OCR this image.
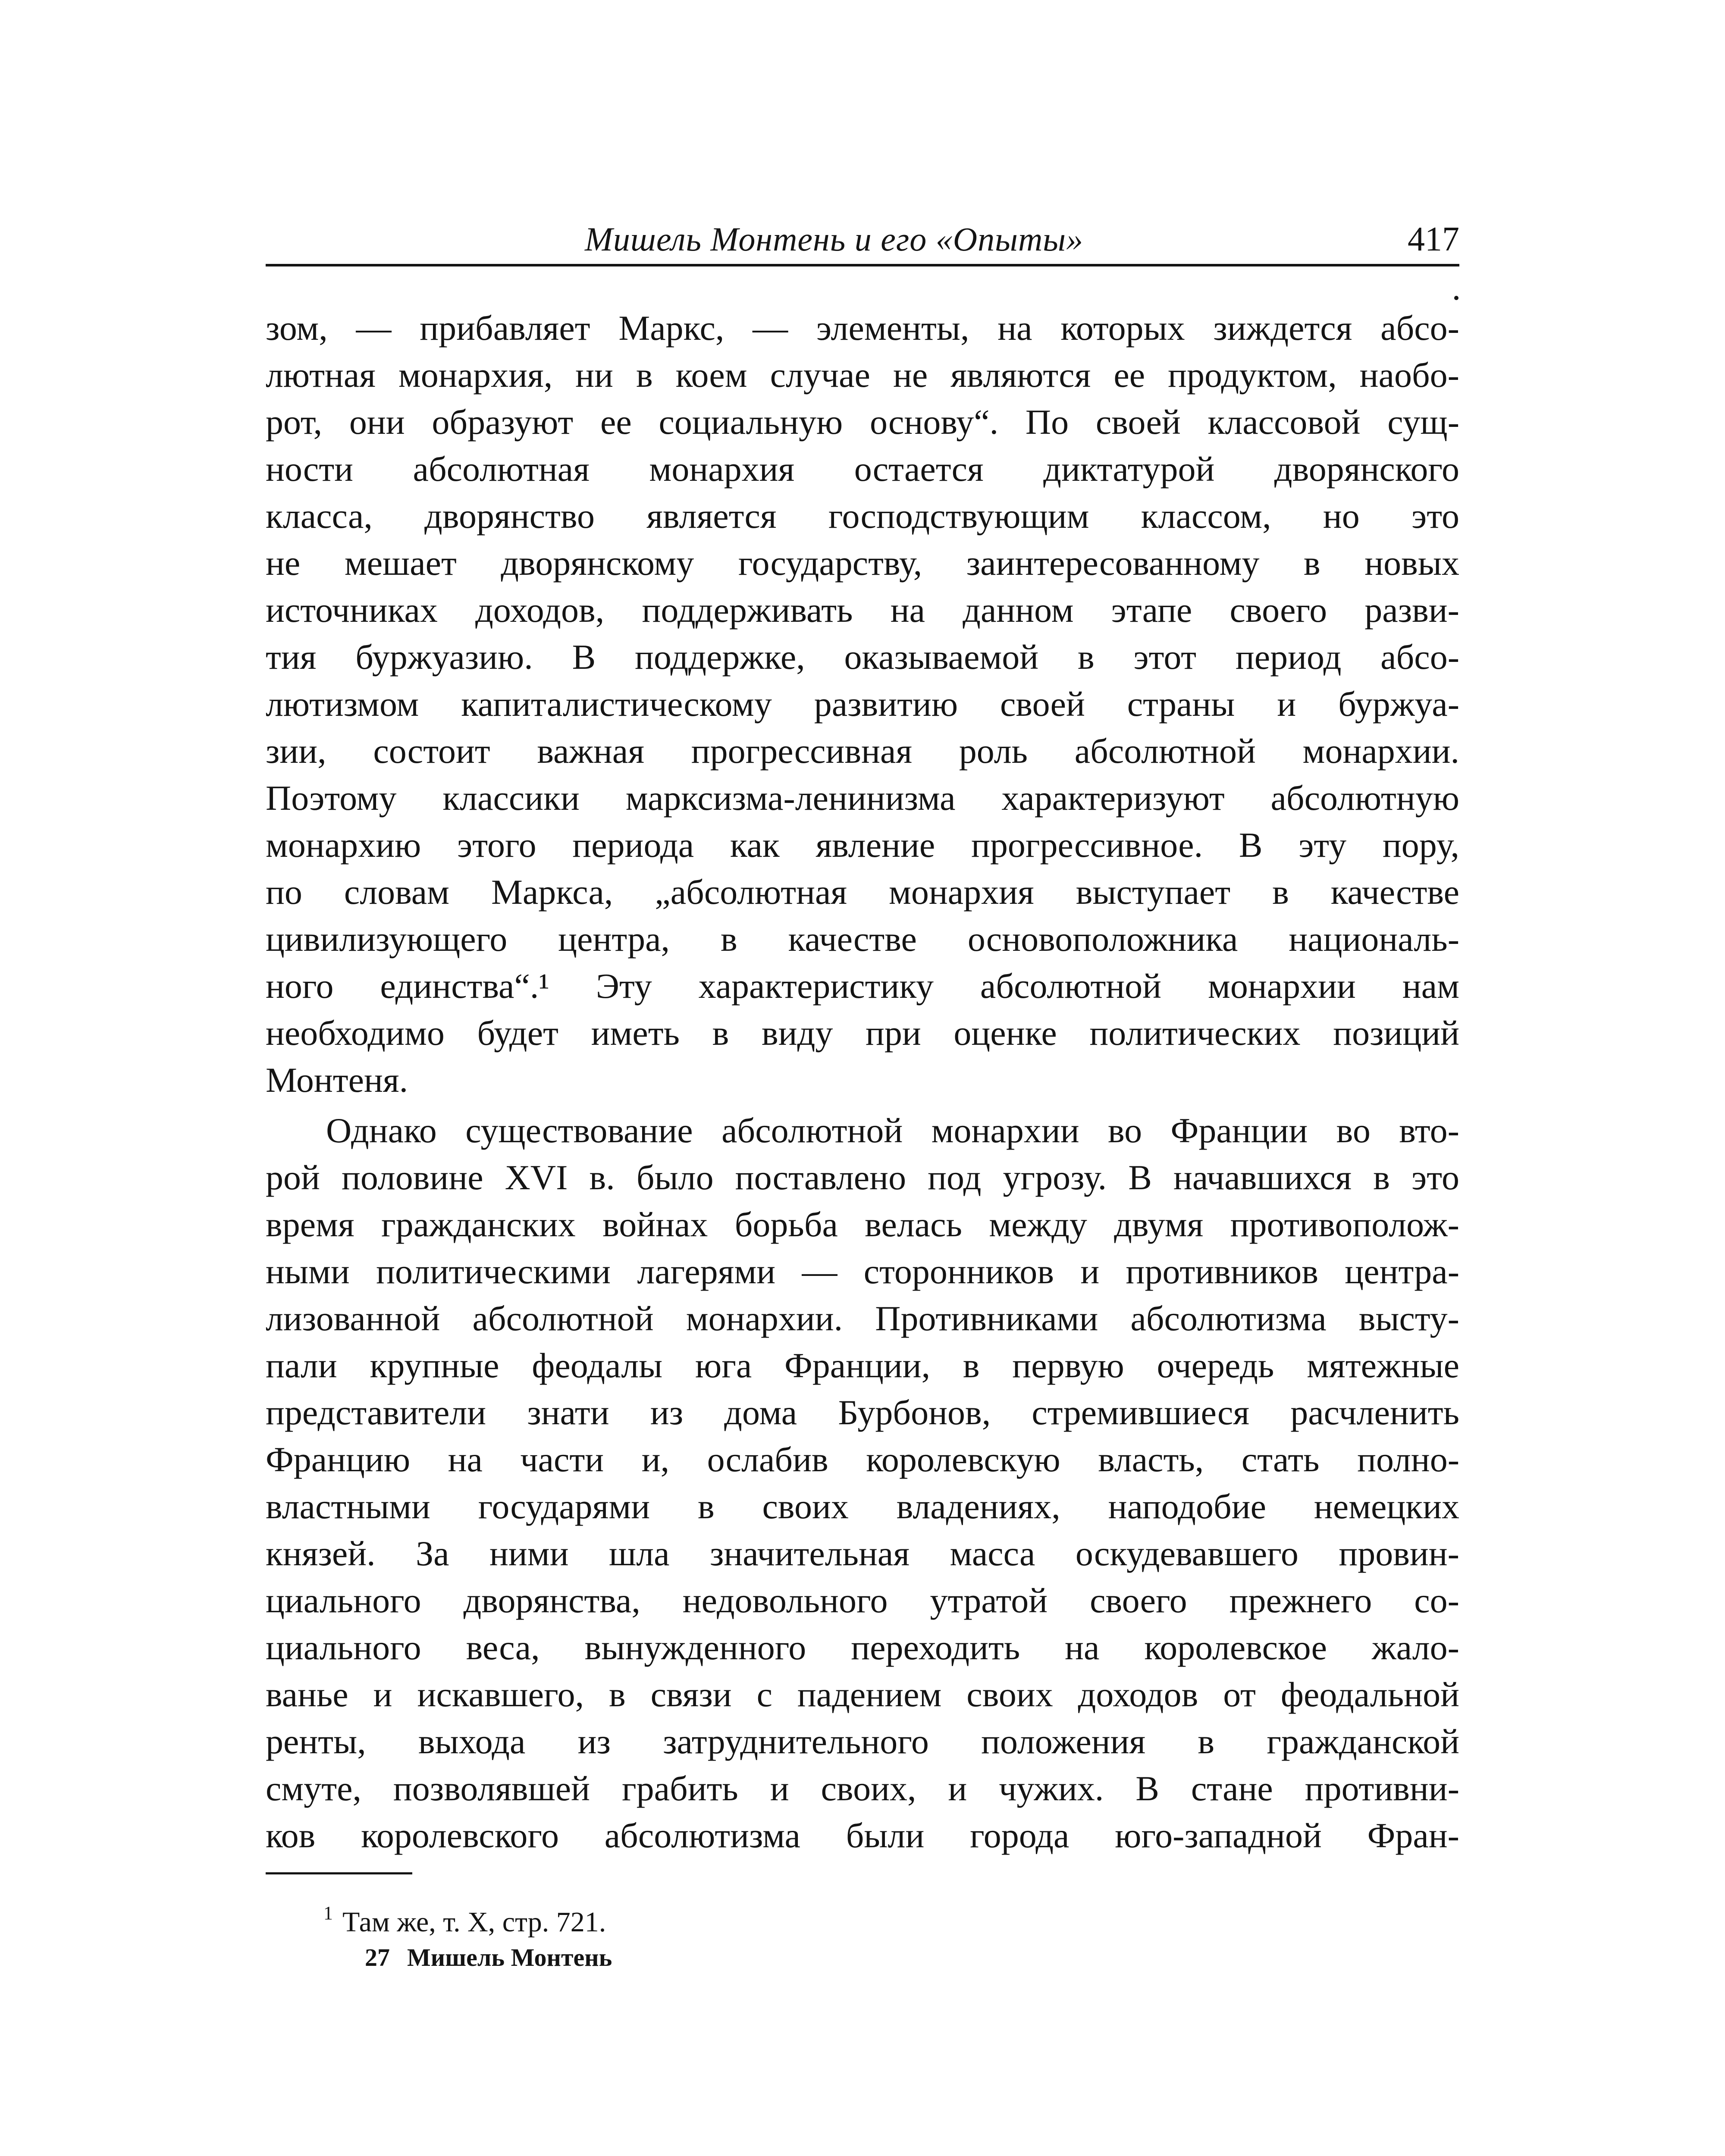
Мишель Монтень и его «Опыты»	417
зом, — прибавляет Маркс, — элементы, на которых зиждется абсо-
лютная монархия, ни в коем случае не являются ее продуктом, наобо-
рот, они образуют ее социальную основу“. По своей классовой сущ-
ности абсолютная монархия остается диктатурой дворянского
класса, дворянство является господствующим классом, но это
не мешает дворянскому государству, заинтересованному в новых
источниках доходов, поддерживать на данном этапе своего разви-
тия буржуазию. В поддержке, оказываемой в этот период абсо-
лютизмом капиталистическому развитию своей страны и буржуа-
зии, состоит важная прогрессивная роль абсолютной монархии.
Поэтому классики марксизма-ленинизма характеризуют абсолютную
монархию этого периода как явление прогрессивное. В эту пору,
по словам Маркса, „абсолютная монархия выступает в качестве
цивилизующего центра, в качестве основоположника националь-
ного единства“.¹ Эту характеристику абсолютной монархии нам
необходимо будет иметь в виду при оценке политических позиций
Монтеня.
Однако существование абсолютной монархии во Франции во вто-
рой половине XVI в. было поставлено под угрозу. В начавшихся в это
время гражданских войнах борьба велась между двумя противополож-
ными политическими лагерями — сторонников и противников центра-
лизованной абсолютной монархии. Противниками абсолютизма высту-
пали крупные феодалы юга Франции, в первую очередь мятежные
представители знати из дома Бурбонов, стремившиеся расчленить
Францию на части и, ослабив королевскую власть, стать полно-
властными государями в своих владениях, наподобие немецких
князей. За ними шла значительная масса оскудевавшего провин-
циального дворянства, недовольного утратой своего прежнего со-
циального веса, вынужденного переходить на королевское жало-
ванье и искавшего, в связи с падением своих доходов от феодальной
ренты, выхода из затруднительного положения в гражданской
смуте, позволявшей грабить и своих, и чужих. В стане противни-
ков королевского абсолютизма были города юго-западной Фран-
$^1$ Там же, т. X, стр. 721.
27 Мишель Монтень
